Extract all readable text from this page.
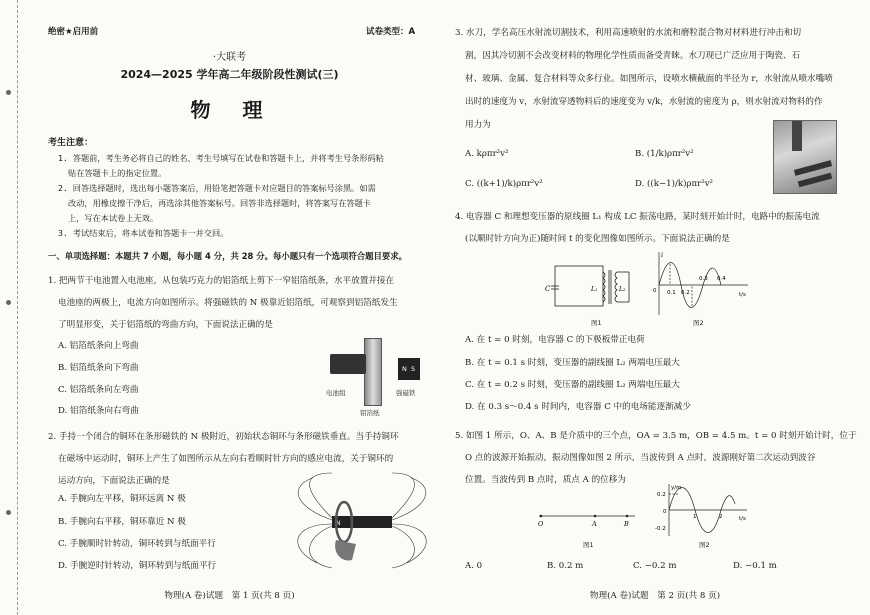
绝密★启用前	试卷类型：A
·大联考
2024—2025 学年高二年级阶段性测试(三)
物　理
考生注意：
1. 答题前，考生务必将自己的姓名、考生号填写在试卷和答题卡上，并将考生号条形码粘
贴在答题卡上的指定位置。
2. 回答选择题时，选出每小题答案后，用铅笔把答题卡对应题目的答案标号涂黑。如需
改动，用橡皮擦干净后，再选涂其他答案标号。回答非选择题时，将答案写在答题卡
上，写在本试卷上无效。
3. 考试结束后，将本试卷和答题卡一并交回。
一、单项选择题：本题共 7 小题，每小题 4 分，共 28 分。每小题只有一个选项符合题目要求。
1. 把两节干电池置入电池座，从包装巧克力的铝箔纸上剪下一窄铝箔纸条，水平放置并接在
电池座的两极上，电流方向如图所示。将强磁铁的 N 极靠近铝箔纸，可观察到铝箔纸发生
了明显形变，关于铝箔纸的弯曲方向，下面说法正确的是
A. 铝箔纸条向上弯曲
B. 铝箔纸条向下弯曲
C. 铝箔纸条向左弯曲
D. 铝箔纸条向右弯曲
N S
电池组
铝箔纸
强磁铁
2. 手持一个闭合的铜环在条形磁铁的 N 极附近，初始状态铜环与条形磁铁垂直。当手持铜环
在磁场中运动时，铜环上产生了如图所示从左向右看顺时针方向的感应电流，关于铜环的
运动方向，下面说法正确的是
A. 手腕向左平移，铜环远离 N 极
B. 手腕向右平移，铜环靠近 N 极
C. 手腕顺时针转动，铜环转到与纸面平行
D. 手腕逆时针转动，铜环转到与纸面平行
N
物理(A 卷)试题　第 1 页(共 8 页)
3. 水刀，学名高压水射流切割技术，利用高速喷射的水流和磨粒混合物对材料进行冲击和切
割，因其冷切割不会改变材料的物理化学性质而备受青睐。水刀现已广泛应用于陶瓷、石
材、玻璃、金属、复合材料等众多行业。如图所示，设喷水横截面的半径为 r，水射流从喷水嘴喷
出时的速度为 v，水射流穿透物料后的速度变为 v/k，水射流的密度为 ρ，则水射流对物料的作
用力为
A. kρπr²v²	B. (1/k)ρπr²v²
C. ((k+1)/k)ρπr²v²	D. ((k−1)/k)ρπr²v²
4. 电容器 C 和理想变压器的原线圈 L₁ 构成 LC 振荡电路，某时刻开始计时，电路中的振荡电流
(以顺时针方向为正)随时间 t 的变化图像如图所示。下面说法正确的是
C	L₁	L₂
图1
i
t/s
0 0.1 0.2
0.3 0.4
图2
A. 在 t = 0 时刻，电容器 C 的下极板带正电荷
B. 在 t = 0.1 s 时刻，变压器的副线圈 L₂ 两端电压最大
C. 在 t = 0.2 s 时刻，变压器的副线圈 L₂ 两端电压最大
D. 在 0.3 s～0.4 s 时间内，电容器 C 中的电场能逐渐减少
5. 如图 1 所示，O、A、B 是介质中的三个点，OA = 3.5 m，OB = 4.5 m。t = 0 时刻开始计时，位于
O 点的波源开始振动，振动图像如图 2 所示，当波传到 A 点时，波源刚好第二次运动到波谷
位置。当波传到 B 点时，质点 A 的位移为
O	A	B
图1
y/m
t/s
0.2
0
-0.2
1	2
图2
A. 0	B. 0.2 m	C. −0.2 m	D. −0.1 m
物理(A 卷)试题　第 2 页(共 8 页)
